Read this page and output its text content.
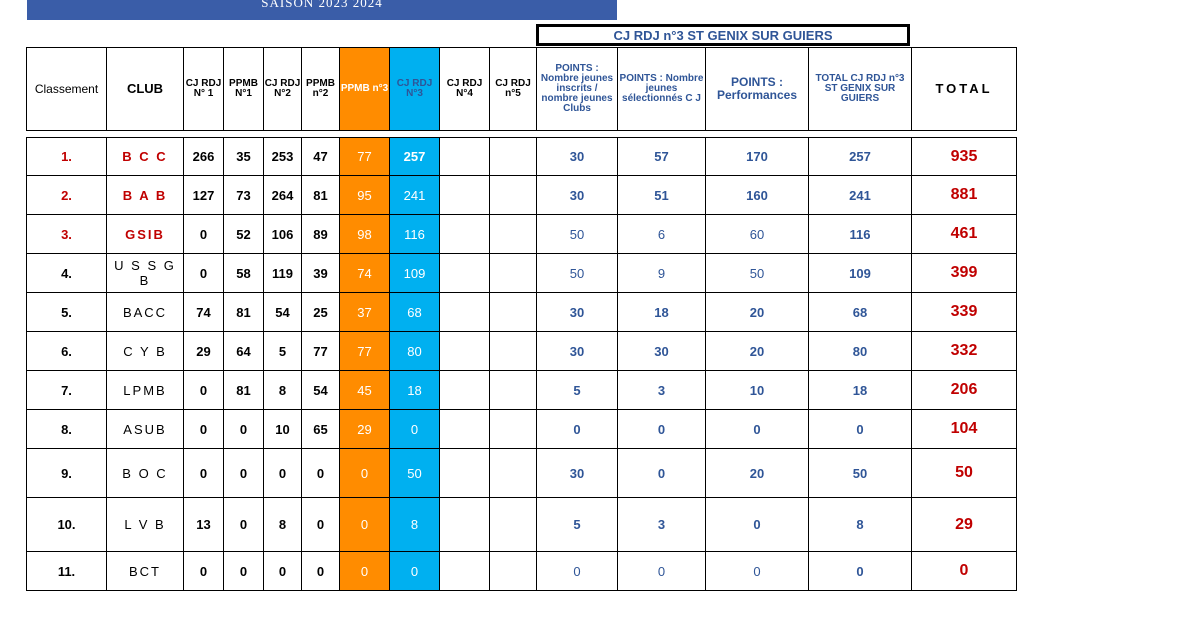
SAISON 2023 2024
CJ RDJ n°3 ST GENIX SUR GUIERS
Classement	CLUB	CJ RDJ N° 1	PPMB N°1	CJ RDJ N°2	PPMB n°2	PPMB n°3	CJ RDJ N°3	CJ RDJ N°4	CJ RDJ n°5	POINTS : Nombre jeunes inscrits / nombre jeunes Clubs	POINTS : Nombre jeunes sélectionnés C J	POINTS : Performances	TOTAL CJ RDJ n°3 ST GENIX SUR GUIERS	TOTAL

1.	B C C	266	35	253	47	77	257			30	57	170	257	935
2.	B A B	127	73	264	81	95	241			30	51	160	241	881
3.	GSIB	0	52	106	89	98	116			50	6	60	116	461
4.	U S S G B	0	58	119	39	74	109			50	9	50	109	399
5.	BACC	74	81	54	25	37	68			30	18	20	68	339
6.	C Y B	29	64	5	77	77	80			30	30	20	80	332
7.	LPMB	0	81	8	54	45	18			5	3	10	18	206
8.	ASUB	0	0	10	65	29	0			0	0	0	0	104
9.	B O C	0	0	0	0	0	50			30	0	20	50	50
10.	L V B	13	0	8	0	0	8			5	3	0	8	29
11.	BCT	0	0	0	0	0	0			0	0	0	0	0
